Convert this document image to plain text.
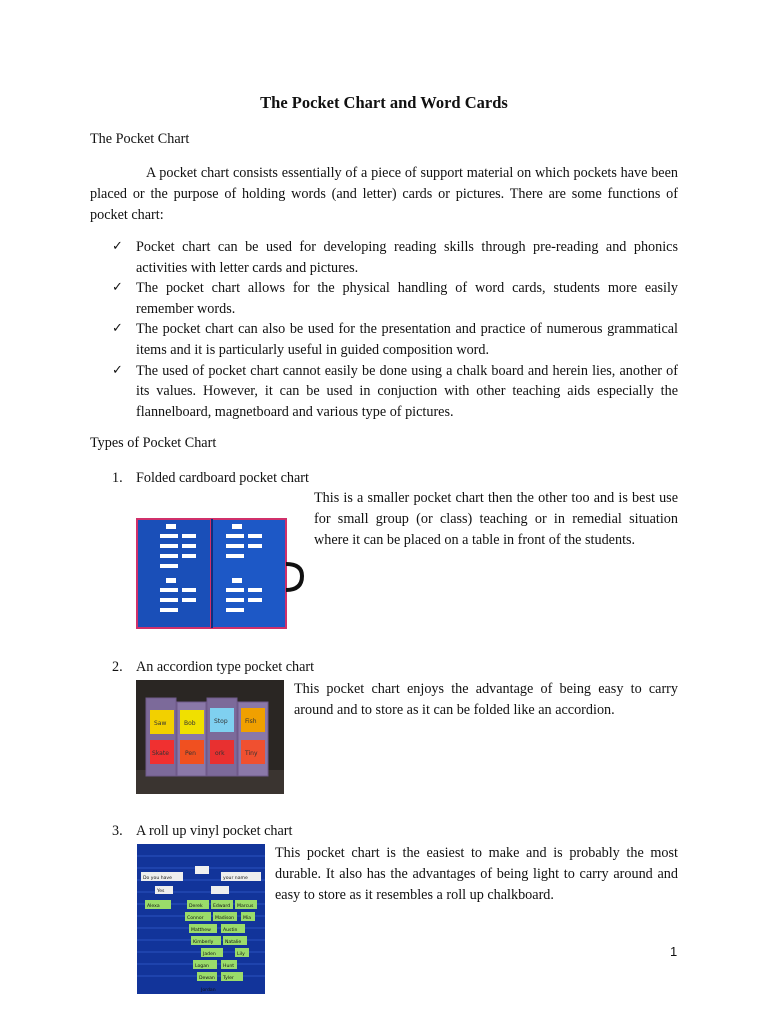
The Pocket Chart and Word Cards
The Pocket Chart
A pocket chart consists essentially of a piece of support material on which pockets have been placed or the purpose of holding words (and letter) cards or pictures. There are some functions of pocket chart:
✓ Pocket chart can be used for developing reading skills through pre-reading and phonics activities with letter cards and pictures.
✓ The pocket chart allows for the physical handling of word cards, students more easily remember words.
✓ The pocket chart can also be used for the presentation and practice of numerous grammatical items and it is particularly useful in guided composition word.
✓ The used of pocket chart cannot easily be done using a chalk board and herein lies, another of its values. However, it can be used in conjuction with other teaching aids especially the flannelboard, magnetboard and various type of pictures.
Types of Pocket Chart
1. Folded cardboard pocket chart
This is a smaller pocket chart then the other too and is best use for small group (or class) teaching or in remedial situation where it can be placed on a table in front of the students.
2. An accordion type pocket chart
This pocket chart enjoys the advantage of being easy to carry around and to store as it can be folded like an accordion.
Saw	Bob	Stop	Fish
Skate	Pen	ork	Tiny
3. A roll up vinyl pocket chart
This pocket chart is the easiest to make and is probably the most durable. It also has the advantages of being light to carry around and easy to store as it resembles a roll up chalkboard.
Do you have	your name
Yes
Alexa	Derek Edward Marcus
Connor Madison Mia
Matthew	Austin
Kimberly	Natalie
Jaden	Lily
Logan	Hunt
Dewan Tyler
Jordan
1
